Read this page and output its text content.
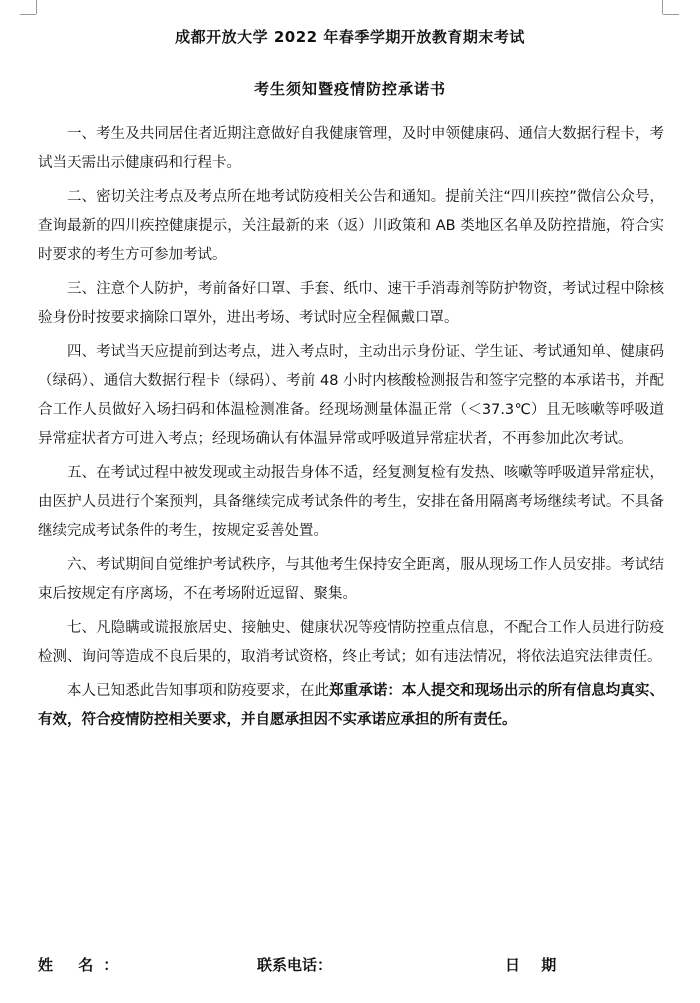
成都开放大学 2022 年春季学期开放教育期末考试
考生须知暨疫情防控承诺书

一、考生及共同居住者近期注意做好自我健康管理，及时申领健康码、通信大数据行程卡，考试当天需出示健康码和行程卡。

二、密切关注考点及考点所在地考试防疫相关公告和通知。提前关注“四川疾控”微信公众号，查询最新的四川疾控健康提示，关注最新的来（返）川政策和 AB 类地区名单及防控措施，符合实时要求的考生方可参加考试。

三、注意个人防护，考前备好口罩、手套、纸巾、速干手消毒剂等防护物资，考试过程中除核验身份时按要求摘除口罩外，进出考场、考试时应全程佩戴口罩。

四、考试当天应提前到达考点，进入考点时，主动出示身份证、学生证、考试通知单、健康码（绿码）、通信大数据行程卡（绿码）、考前 48 小时内核酸检测报告和签字完整的本承诺书，并配合工作人员做好入场扫码和体温检测准备。经现场测量体温正常（＜37.3℃）且无咳嗽等呼吸道异常症状者方可进入考点；经现场确认有体温异常或呼吸道异常症状者，不再参加此次考试。

五、在考试过程中被发现或主动报告身体不适，经复测复检有发热、咳嗽等呼吸道异常症状，由医护人员进行个案预判，具备继续完成考试条件的考生，安排在备用隔离考场继续考试。不具备继续完成考试条件的考生，按规定妥善处置。

六、考试期间自觉维护考试秩序，与其他考生保持安全距离，服从现场工作人员安排。考试结束后按规定有序离场，不在考场附近逗留、聚集。

七、凡隐瞒或谎报旅居史、接触史、健康状况等疫情防控重点信息，不配合工作人员进行防疫检测、询问等造成不良后果的，取消考试资格，终止考试；如有违法情况，将依法追究法律责任。

本人已知悉此告知事项和防疫要求，在此郑重承诺：本人提交和现场出示的所有信息均真实、有效，符合疫情防控相关要求，并自愿承担因不实承诺应承担的所有责任。

姓 名：	联系电话：	日 期
